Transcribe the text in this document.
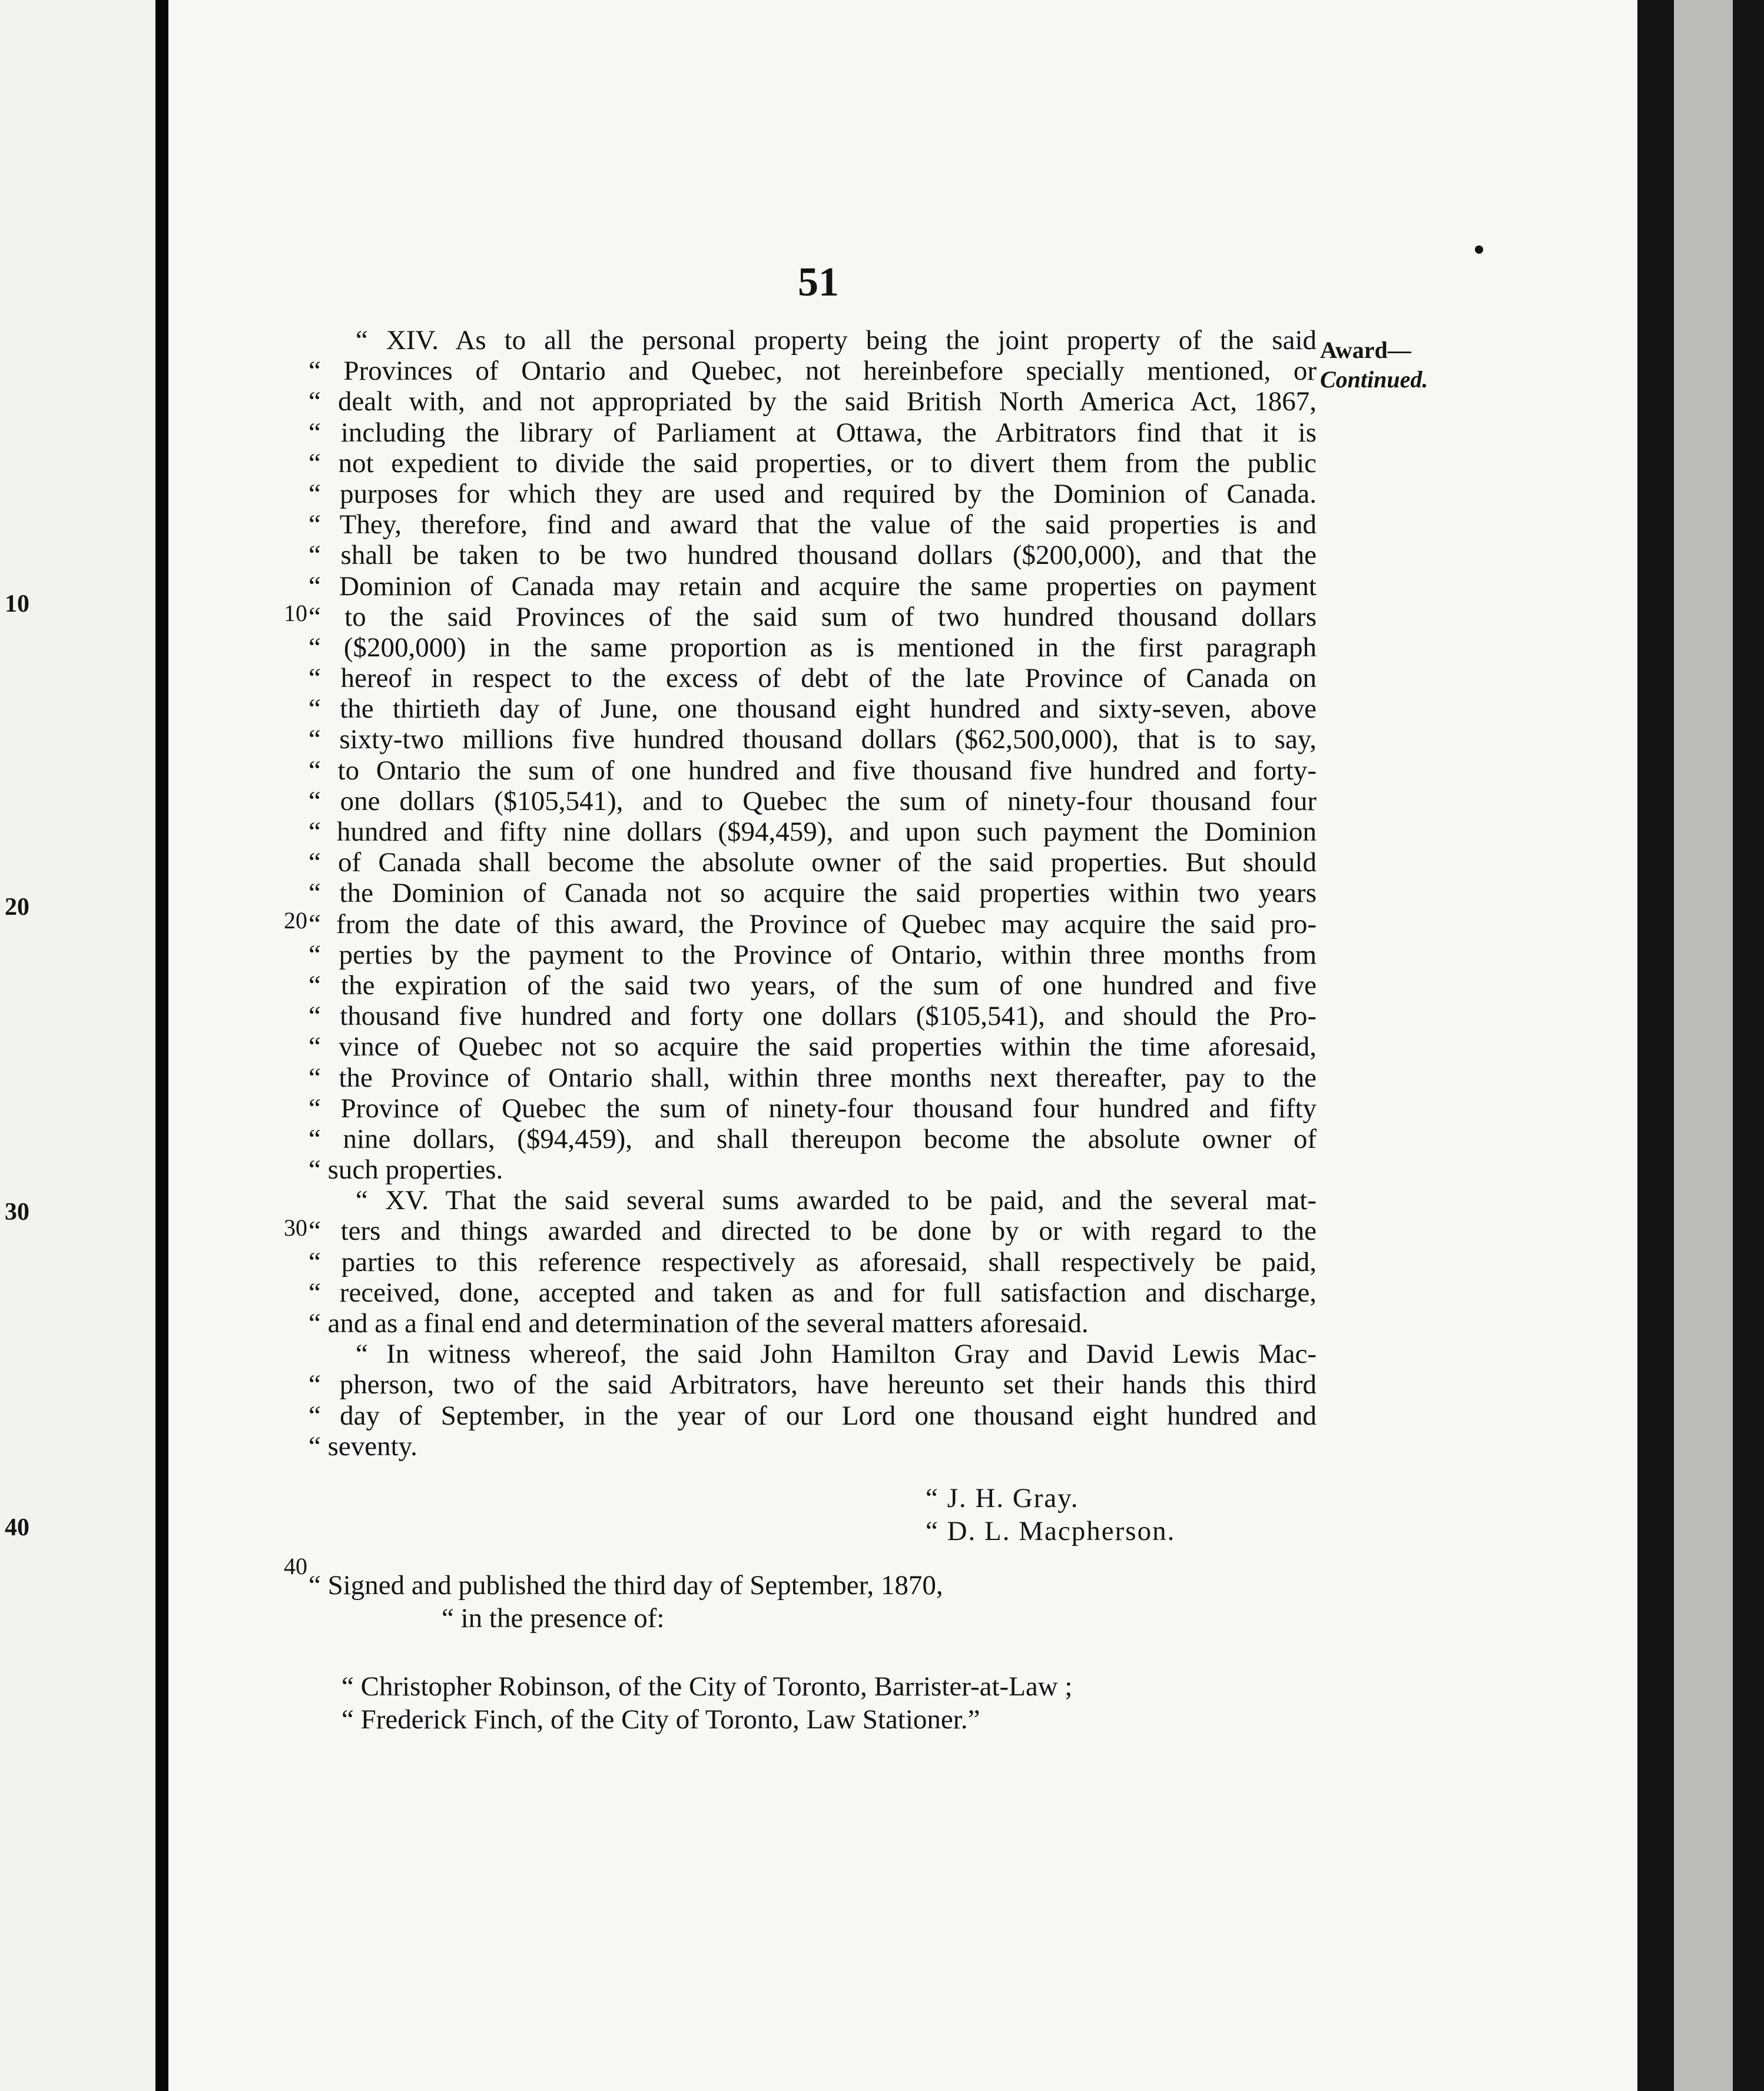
10
20
30
40
51
Award—
Continued.
10
20
30
40
“ XIV. As to all the personal property being the joint property of the said
“ Provinces of Ontario and Quebec, not hereinbefore specially mentioned, or
“ dealt with, and not appropriated by the said British North America Act, 1867,
“ including the library of Parliament at Ottawa, the Arbitrators find that it is
“ not expedient to divide the said properties, or to divert them from the public
“ purposes for which they are used and required by the Dominion of Canada.
“ They, therefore, find and award that the value of the said properties is and
“ shall be taken to be two hundred thousand dollars ($200,000), and that the
“ Dominion of Canada may retain and acquire the same properties on payment
“ to the said Provinces of the said sum of two hundred thousand dollars
“ ($200,000) in the same proportion as is mentioned in the first paragraph
“ hereof in respect to the excess of debt of the late Province of Canada on
“ the thirtieth day of June, one thousand eight hundred and sixty-seven, above
“ sixty-two millions five hundred thousand dollars ($62,500,000), that is to say,
“ to Ontario the sum of one hundred and five thousand five hundred and forty-
“ one dollars ($105,541), and to Quebec the sum of ninety-four thousand four
“ hundred and fifty nine dollars ($94,459), and upon such payment the Dominion
“ of Canada shall become the absolute owner of the said properties. But should
“ the Dominion of Canada not so acquire the said properties within two years
“ from the date of this award, the Province of Quebec may acquire the said pro-
“ perties by the payment to the Province of Ontario, within three months from
“ the expiration of the said two years, of the sum of one hundred and five
“ thousand five hundred and forty one dollars ($105,541), and should the Pro-
“ vince of Quebec not so acquire the said properties within the time aforesaid,
“ the Province of Ontario shall, within three months next thereafter, pay to the
“ Province of Quebec the sum of ninety-four thousand four hundred and fifty
“ nine dollars, ($94,459), and shall thereupon become the absolute owner of
“ such properties.
“ XV. That the said several sums awarded to be paid, and the several mat-
“ ters and things awarded and directed to be done by or with regard to the
“ parties to this reference respectively as aforesaid, shall respectively be paid,
“ received, done, accepted and taken as and for full satisfaction and discharge,
“ and as a final end and determination of the several matters aforesaid.
“ In witness whereof, the said John Hamilton Gray and David Lewis Mac-
“ pherson, two of the said Arbitrators, have hereunto set their hands this third
“ day of September, in the year of our Lord one thousand eight hundred and
“ seventy.
“ J. H. Gray.
“ D. L. Macpherson.
“ Signed and published the third day of September, 1870,
“ in the presence of:
“ Christopher Robinson, of the City of Toronto, Barrister-at-Law ;
“ Frederick Finch, of the City of Toronto, Law Stationer.”
